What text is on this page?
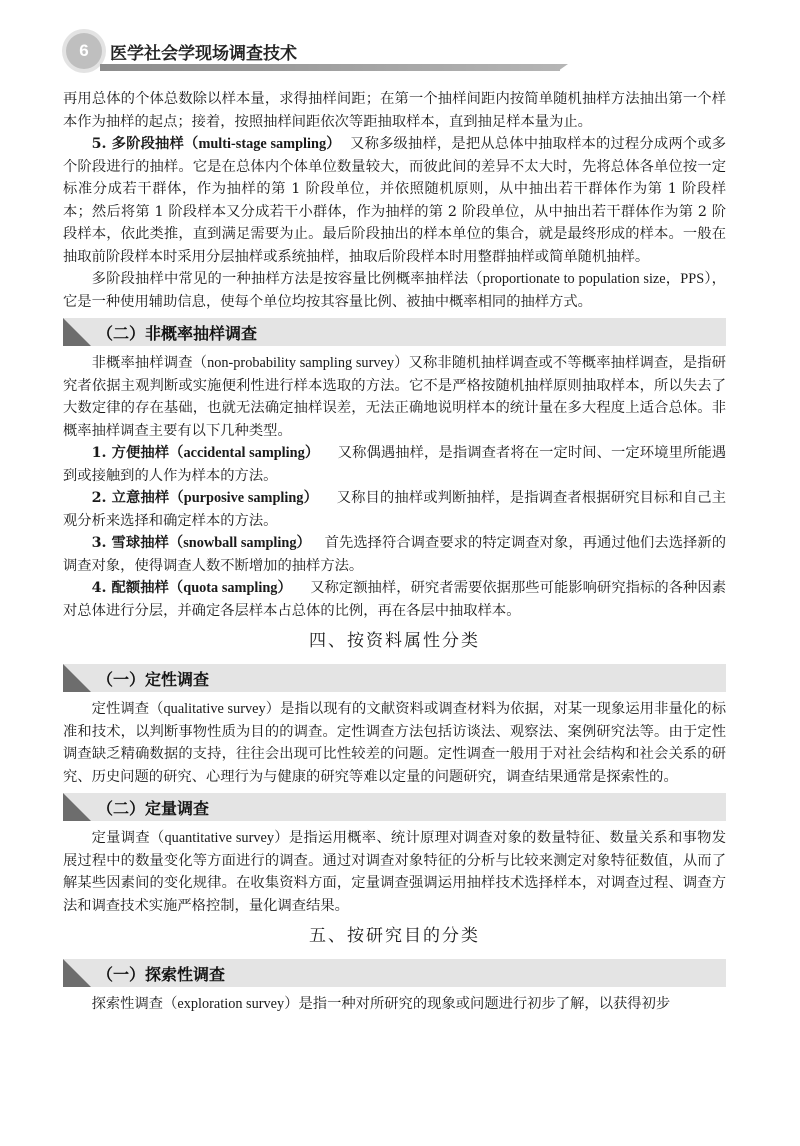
6 医学社会学现场调查技术

再用总体的个体总数除以样本量，求得抽样间距；在第一个抽样间距内按简单随机抽样方法抽出第一个样本作为抽样的起点；接着，按照抽样间距依次等距抽取样本，直到抽足样本量为止。

5. 多阶段抽样（multi-stage sampling） 又称多级抽样，是把从总体中抽取样本的过程分成两个或多个阶段进行的抽样。它是在总体内个体单位数量较大，而彼此间的差异不太大时，先将总体各单位按一定标准分成若干群体，作为抽样的第 1 阶段单位，并依照随机原则，从中抽出若干群体作为第 1 阶段样本；然后将第 1 阶段样本又分成若干小群体，作为抽样的第 2 阶段单位，从中抽出若干群体作为第 2 阶段样本，依此类推，直到满足需要为止。最后阶段抽出的样本单位的集合，就是最终形成的样本。一般在抽取前阶段样本时采用分层抽样或系统抽样，抽取后阶段样本时用整群抽样或简单随机抽样。

多阶段抽样中常见的一种抽样方法是按容量比例概率抽样法（proportionate to population size，PPS），它是一种使用辅助信息，使每个单位均按其容量比例、被抽中概率相同的抽样方式。

（二）非概率抽样调查

非概率抽样调查（non-probability sampling survey）又称非随机抽样调查或不等概率抽样调查，是指研究者依据主观判断或实施便利性进行样本选取的方法。它不是严格按随机抽样原则抽取样本，所以失去了大数定律的存在基础，也就无法确定抽样误差，无法正确地说明样本的统计量在多大程度上适合总体。非概率抽样调查主要有以下几种类型。

1. 方便抽样（accidental sampling） 又称偶遇抽样，是指调查者将在一定时间、一定环境里所能遇到或接触到的人作为样本的方法。

2. 立意抽样（purposive sampling） 又称目的抽样或判断抽样，是指调查者根据研究目标和自己主观分析来选择和确定样本的方法。

3. 雪球抽样（snowball sampling） 首先选择符合调查要求的特定调查对象，再通过他们去选择新的调查对象，使得调查人数不断增加的抽样方法。

4. 配额抽样（quota sampling） 又称定额抽样，研究者需要依据那些可能影响研究指标的各种因素对总体进行分层，并确定各层样本占总体的比例，再在各层中抽取样本。

四、按资料属性分类
（一）定性调查

定性调查（qualitative survey）是指以现有的文献资料或调查材料为依据，对某一现象运用非量化的标准和技术，以判断事物性质为目的的调查。定性调查方法包括访谈法、观察法、案例研究法等。由于定性调查缺乏精确数据的支持，往往会出现可比性较差的问题。定性调查一般用于对社会结构和社会关系的研究、历史问题的研究、心理行为与健康的研究等难以定量的问题研究，调查结果通常是探索性的。

（二）定量调查

定量调查（quantitative survey）是指运用概率、统计原理对调查对象的数量特征、数量关系和事物发展过程中的数量变化等方面进行的调查。通过对调查对象特征的分析与比较来测定对象特征数值，从而了解某些因素间的变化规律。在收集资料方面，定量调查强调运用抽样技术选择样本，对调查过程、调查方法和调查技术实施严格控制，量化调查结果。

五、按研究目的分类
（一）探索性调查

探索性调查（exploration survey）是指一种对所研究的现象或问题进行初步了解，以获得初步
